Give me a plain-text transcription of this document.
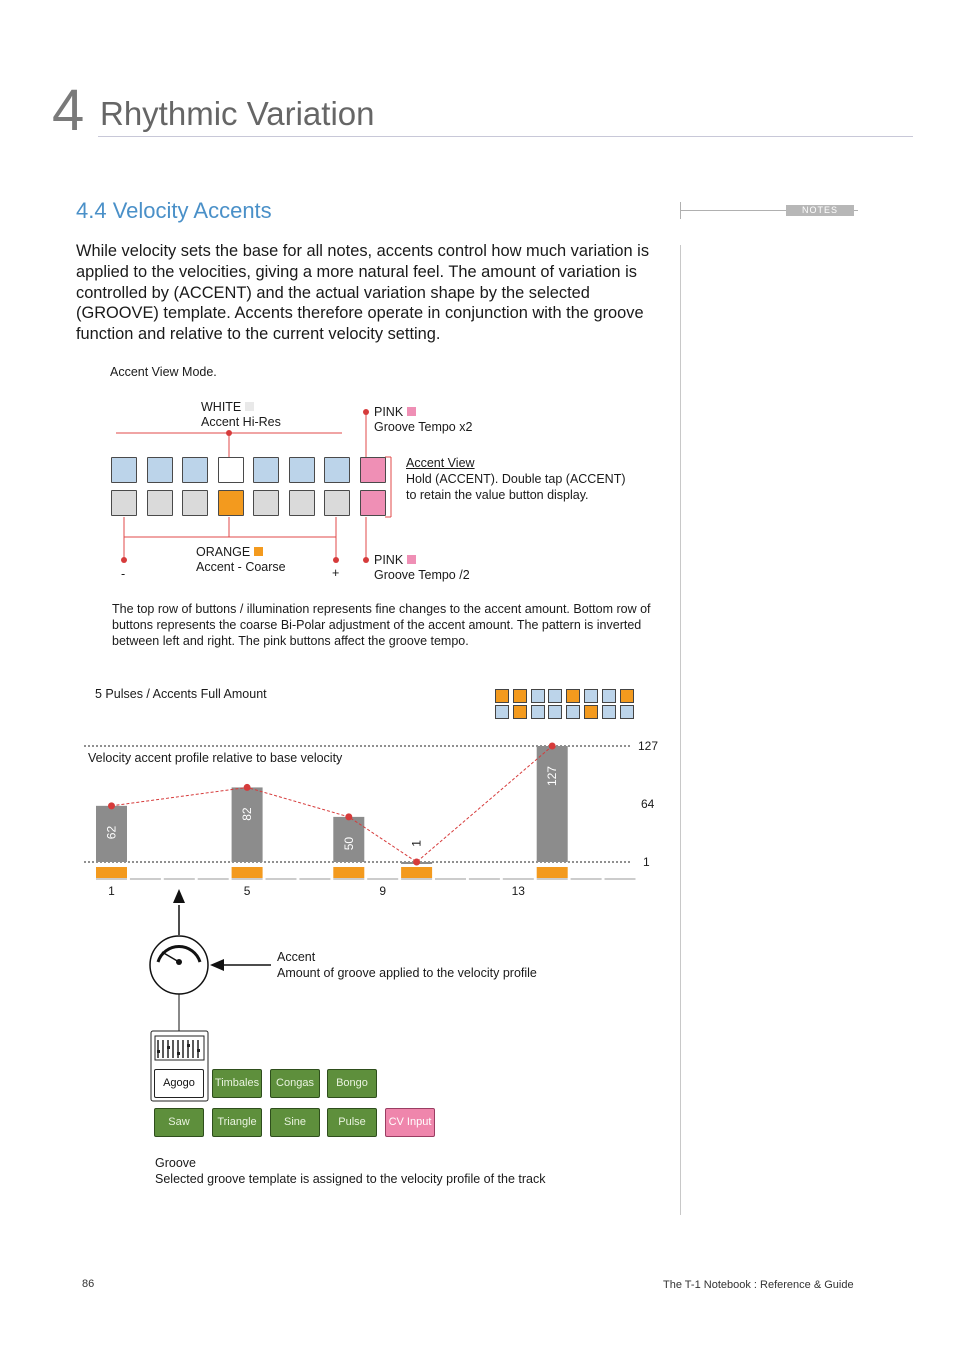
4 Rhythmic Variation
4.4 Velocity Accents	NOTES
While velocity sets the base for all notes, accents control how much variation is applied to the velocities, giving a more natural feel. The amount of variation is controlled by (ACCENT) and the actual variation shape by the selected (GROOVE) template. Accents therefore operate in conjunction with the groove function and relative to the current velocity setting.
Accent View Mode.
WHITE
Accent Hi-Res
PINK
Groove Tempo x2
Accent View
Hold (ACCENT). Double tap (ACCENT)
to retain the value button display.
ORANGE
Accent - Coarse
-	+
PINK
Groove Tempo /2
The top row of buttons / illumination represents fine changes to the accent amount. Bottom row of buttons represents the coarse Bi-Polar adjustment of the accent amount. The pattern is inverted between left and right. The pink buttons affect the groove tempo.
5 Pulses / Accents Full Amount
Velocity accent profile relative to base velocity
127
64
1
62
82
50	1
127
1	5	9	13
Accent
Amount of groove applied to the velocity profile
Agogo	Timbales	Congas	Bongo
Saw	Triangle	Sine	Pulse	CV Input
Groove
Selected groove template is assigned to the velocity profile of the track
86	The T-1 Notebook : Reference & Guide
